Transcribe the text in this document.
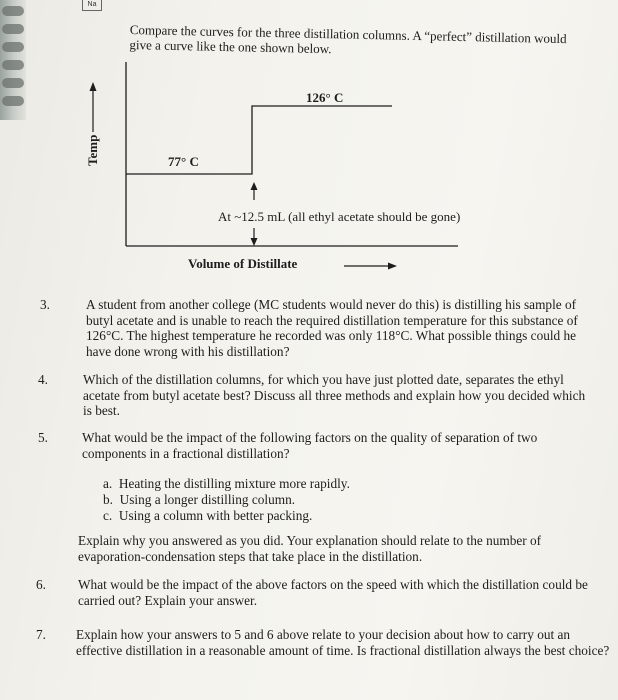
Na
Compare the curves for the three distillation columns. A “perfect” distillation would give a curve like the one shown below.
Temp	77° C
126° C
At ~12.5 mL (all ethyl acetate should be gone)
Volume of Distillate
3.	A student from another college (MC students would never do this) is distilling his sample of butyl acetate and is unable to reach the required distillation temperature for this substance of 126°C. The highest temperature he recorded was only 118°C. What possible things could he have done wrong with his distillation?
4.	Which of the distillation columns, for which you have just plotted date, separates the ethyl acetate from butyl acetate best? Discuss all three methods and explain how you decided which is best.
5.	What would be the impact of the following factors on the quality of separation of two components in a fractional distillation?
a.  Heating the distilling mixture more rapidly.
b.  Using a longer distilling column.
c.  Using a column with better packing.
Explain why you answered as you did. Your explanation should relate to the number of evaporation-condensation steps that take place in the distillation.
6. What would be the impact of the above factors on the speed with which the distillation could be carried out? Explain your answer.
7. Explain how your answers to 5 and 6 above relate to your decision about how to carry out an effective distillation in a reasonable amount of time. Is fractional distillation always the best choice?
